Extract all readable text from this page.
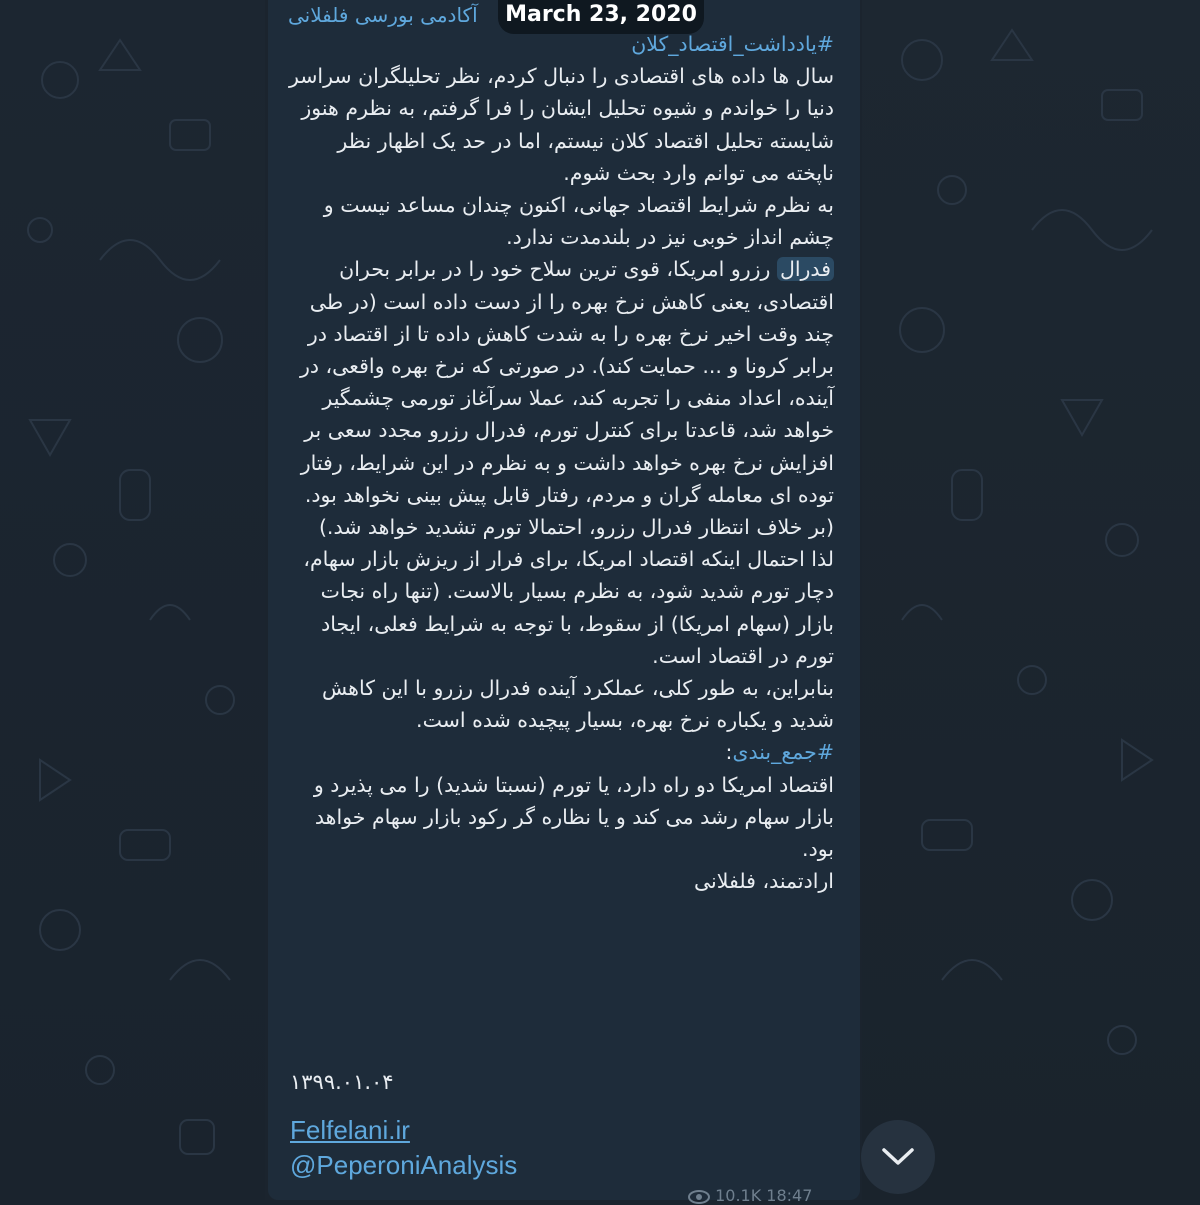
آکادمی بورسی فلفلانی	March 23, 2020

#یادداشت_اقتصاد_کلان

سال ها داده های اقتصادی را دنبال کردم، نظر تحلیلگران سراسر دنیا را خواندم و شیوه تحلیل ایشان را فرا گرفتم، به نظرم هنوز شایسته تحلیل اقتصاد کلان نیستم، اما در حد یک اظهار نظر ناپخته می توانم وارد بحث شوم.

به نظرم شرایط اقتصاد جهانی، اکنون چندان مساعد نیست و چشم انداز خوبی نیز در بلندمدت ندارد.

فدرال رزرو امریکا، قوی ترین سلاح خود را در برابر بحران اقتصادی، یعنی کاهش نرخ بهره را از دست داده است (در طی چند وقت اخیر نرخ بهره را به شدت کاهش داده تا از اقتصاد در برابر کرونا و ... حمایت کند). در صورتی که نرخ بهره واقعی، در آینده، اعداد منفی را تجربه کند، عملا سرآغاز تورمی چشمگیر خواهد شد، قاعدتا برای کنترل تورم، فدرال رزرو مجدد سعی بر افزایش نرخ بهره خواهد داشت و به نظرم در این شرایط، رفتار توده ای معامله گران و مردم، رفتار قابل پیش بینی نخواهد بود. (بر خلاف انتظار فدرال رزرو، احتمالا تورم تشدید خواهد شد.)

لذا احتمال اینکه اقتصاد امریکا، برای فرار از ریزش بازار سهام، دچار تورم شدید شود، به نظرم بسیار بالاست. (تنها راه نجات بازار (سهام امریکا) از سقوط، با توجه به شرایط فعلی، ایجاد تورم در اقتصاد است.

بنابراین، به طور کلی، عملکرد آینده فدرال رزرو با این کاهش شدید و یکباره نرخ بهره، بسیار پیچیده شده است.

#جمع_بندی:

اقتصاد امریکا دو راه دارد، یا تورم (نسبتا شدید) را می پذیرد و بازار سهام رشد می کند و یا نظاره گر رکود بازار سهام خواهد بود.

ارادتمند، فلفلانی

۱۳۹۹.۰۱.۰۴
Felfelani.ir
@PeperoniAnalysis
10.1K 18:47
